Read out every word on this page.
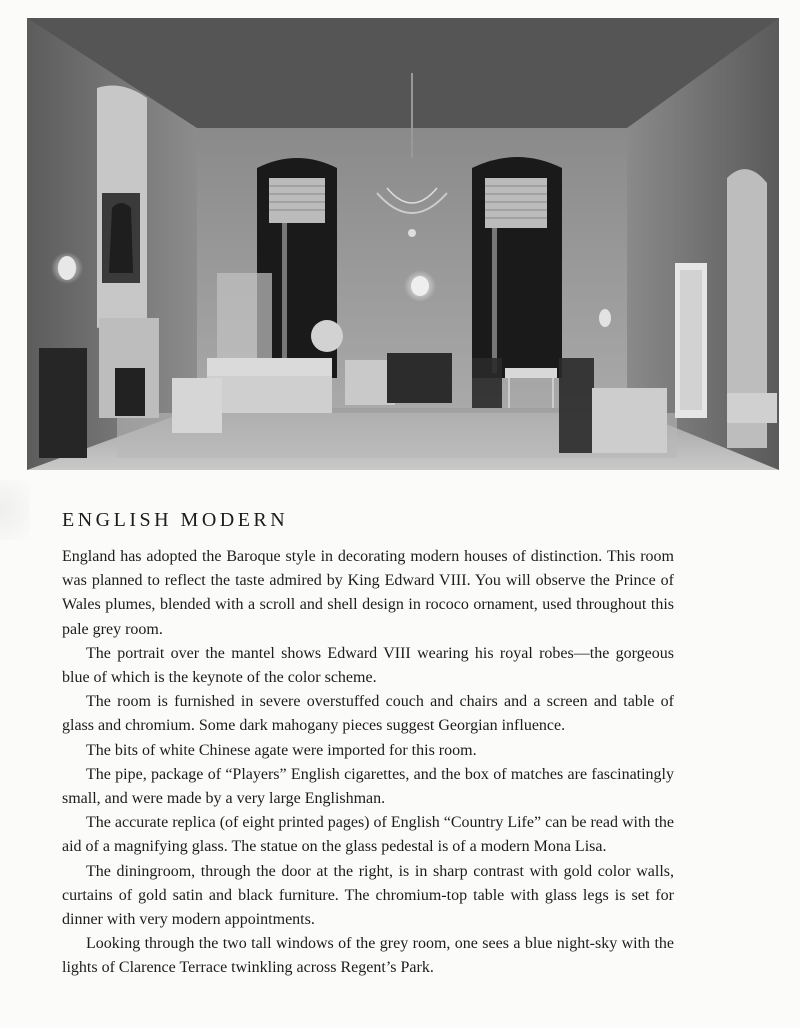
ENGLISH MODERN

England has adopted the Baroque style in decorating modern houses of distinction. This room was planned to reflect the taste admired by King Edward VIII. You will observe the Prince of Wales plumes, blended with a scroll and shell design in rococo ornament, used throughout this pale grey room.

The portrait over the mantel shows Edward VIII wearing his royal robes—the gorgeous blue of which is the keynote of the color scheme.

The room is furnished in severe overstuffed couch and chairs and a screen and table of glass and chromium. Some dark mahogany pieces suggest Georgian influence.

The bits of white Chinese agate were imported for this room.

The pipe, package of “Players” English cigarettes, and the box of matches are fascinatingly small, and were made by a very large Englishman.

The accurate replica (of eight printed pages) of English “Country Life” can be read with the aid of a magnifying glass. The statue on the glass pedestal is of a modern Mona Lisa.

The diningroom, through the door at the right, is in sharp contrast with gold color walls, curtains of gold satin and black furniture. The chromium-top table with glass legs is set for dinner with very modern appointments.

Looking through the two tall windows of the grey room, one sees a blue night-sky with the lights of Clarence Terrace twinkling across Regent’s Park.
